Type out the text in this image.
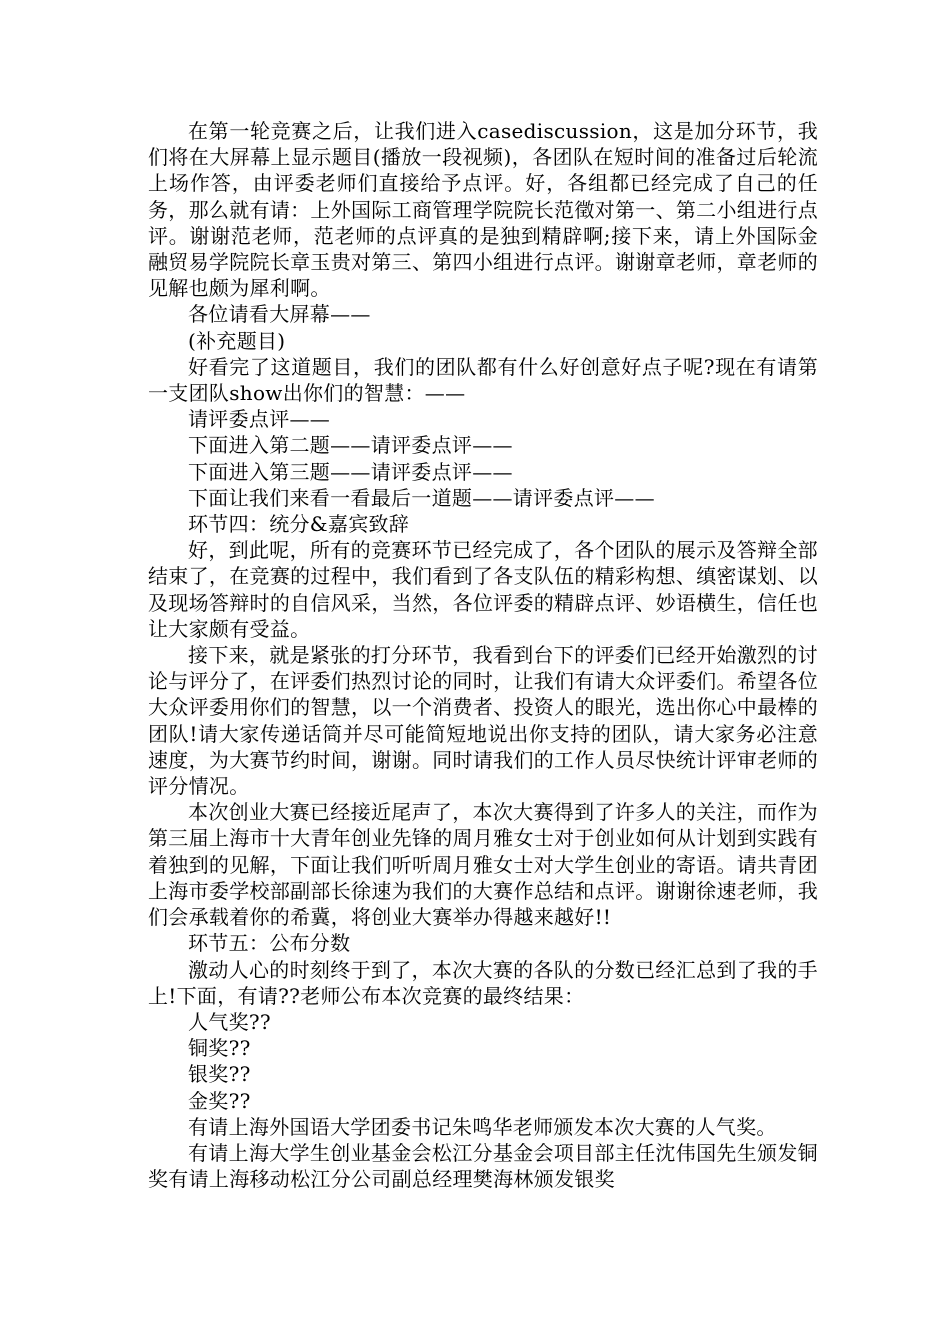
在第一轮竞赛之后，让我们进入casediscussion，这是加分环节，我们将在大屏幕上显示题目(播放一段视频)，各团队在短时间的准备过后轮流上场作答，由评委老师们直接给予点评。好，各组都已经完成了自己的任务，那么就有请：上外国际工商管理学院院长范徵对第一、第二小组进行点评。谢谢范老师，范老师的点评真的是独到精辟啊;接下来，请上外国际金融贸易学院院长章玉贵对第三、第四小组进行点评。谢谢章老师，章老师的见解也颇为犀利啊。

各位请看大屏幕——

(补充题目)

好看完了这道题目，我们的团队都有什么好创意好点子呢?现在有请第一支团队show出你们的智慧：——

请评委点评——

下面进入第二题——请评委点评——

下面进入第三题——请评委点评——

下面让我们来看一看最后一道题——请评委点评——

环节四：统分&嘉宾致辞

好，到此呢，所有的竞赛环节已经完成了，各个团队的展示及答辩全部结束了，在竞赛的过程中，我们看到了各支队伍的精彩构想、缜密谋划、以及现场答辩时的自信风采，当然，各位评委的精辟点评、妙语横生，信任也让大家颇有受益。

接下来，就是紧张的打分环节，我看到台下的评委们已经开始激烈的讨论与评分了，在评委们热烈讨论的同时，让我们有请大众评委们。希望各位大众评委用你们的智慧，以一个消费者、投资人的眼光，选出你心中最棒的团队!请大家传递话筒并尽可能简短地说出你支持的团队，请大家务必注意速度，为大赛节约时间，谢谢。同时请我们的工作人员尽快统计评审老师的评分情况。

本次创业大赛已经接近尾声了，本次大赛得到了许多人的关注，而作为第三届上海市十大青年创业先锋的周月雅女士对于创业如何从计划到实践有着独到的见解，下面让我们听听周月雅女士对大学生创业的寄语。请共青团上海市委学校部副部长徐速为我们的大赛作总结和点评。谢谢徐速老师，我们会承载着你的希冀，将创业大赛举办得越来越好!!

环节五：公布分数

激动人心的时刻终于到了，本次大赛的各队的分数已经汇总到了我的手上!下面，有请??老师公布本次竞赛的最终结果：

人气奖??

铜奖??

银奖??

金奖??

有请上海外国语大学团委书记朱鸣华老师颁发本次大赛的人气奖。

有请上海大学生创业基金会松江分基金会项目部主任沈伟国先生颁发铜奖有请上海移动松江分公司副总经理樊海林颁发银奖
